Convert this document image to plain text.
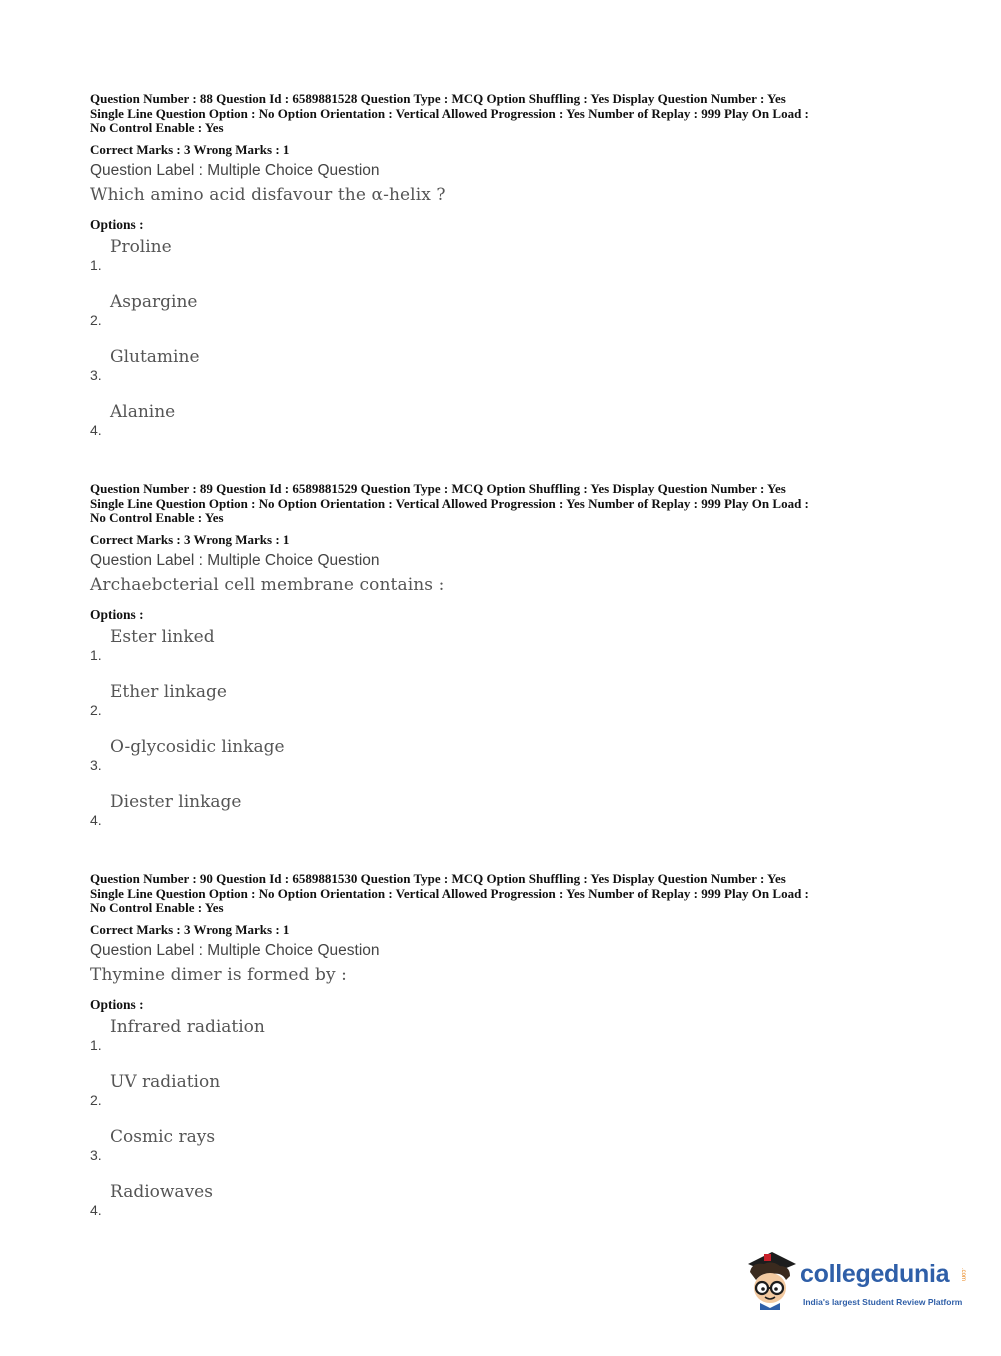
Question Number : 88 Question Id : 6589881528 Question Type : MCQ Option Shuffling : Yes Display Question Number : Yes
Single Line Question Option : No Option Orientation : Vertical Allowed Progression : Yes Number of Replay : 999 Play On Load :
No Control Enable : Yes
Correct Marks : 3 Wrong Marks : 1
Question Label : Multiple Choice Question
Which amino acid disfavour the α-helix ?
Options :
1.
Proline
2.
Aspargine
3.
Glutamine
4.
Alanine
Question Number : 89 Question Id : 6589881529 Question Type : MCQ Option Shuffling : Yes Display Question Number : Yes
Single Line Question Option : No Option Orientation : Vertical Allowed Progression : Yes Number of Replay : 999 Play On Load :
No Control Enable : Yes
Correct Marks : 3 Wrong Marks : 1
Question Label : Multiple Choice Question
Archaebcterial cell membrane contains :
Options :
1.
Ester linked
2.
Ether linkage
3.
O-glycosidic linkage
4.
Diester linkage
Question Number : 90 Question Id : 6589881530 Question Type : MCQ Option Shuffling : Yes Display Question Number : Yes
Single Line Question Option : No Option Orientation : Vertical Allowed Progression : Yes Number of Replay : 999 Play On Load :
No Control Enable : Yes
Correct Marks : 3 Wrong Marks : 1
Question Label : Multiple Choice Question
Thymine dimer is formed by :
Options :
1.
Infrared radiation
2.
UV radiation
3.
Cosmic rays
4.
Radiowaves
collegedunia .com
India's largest Student Review Platform
